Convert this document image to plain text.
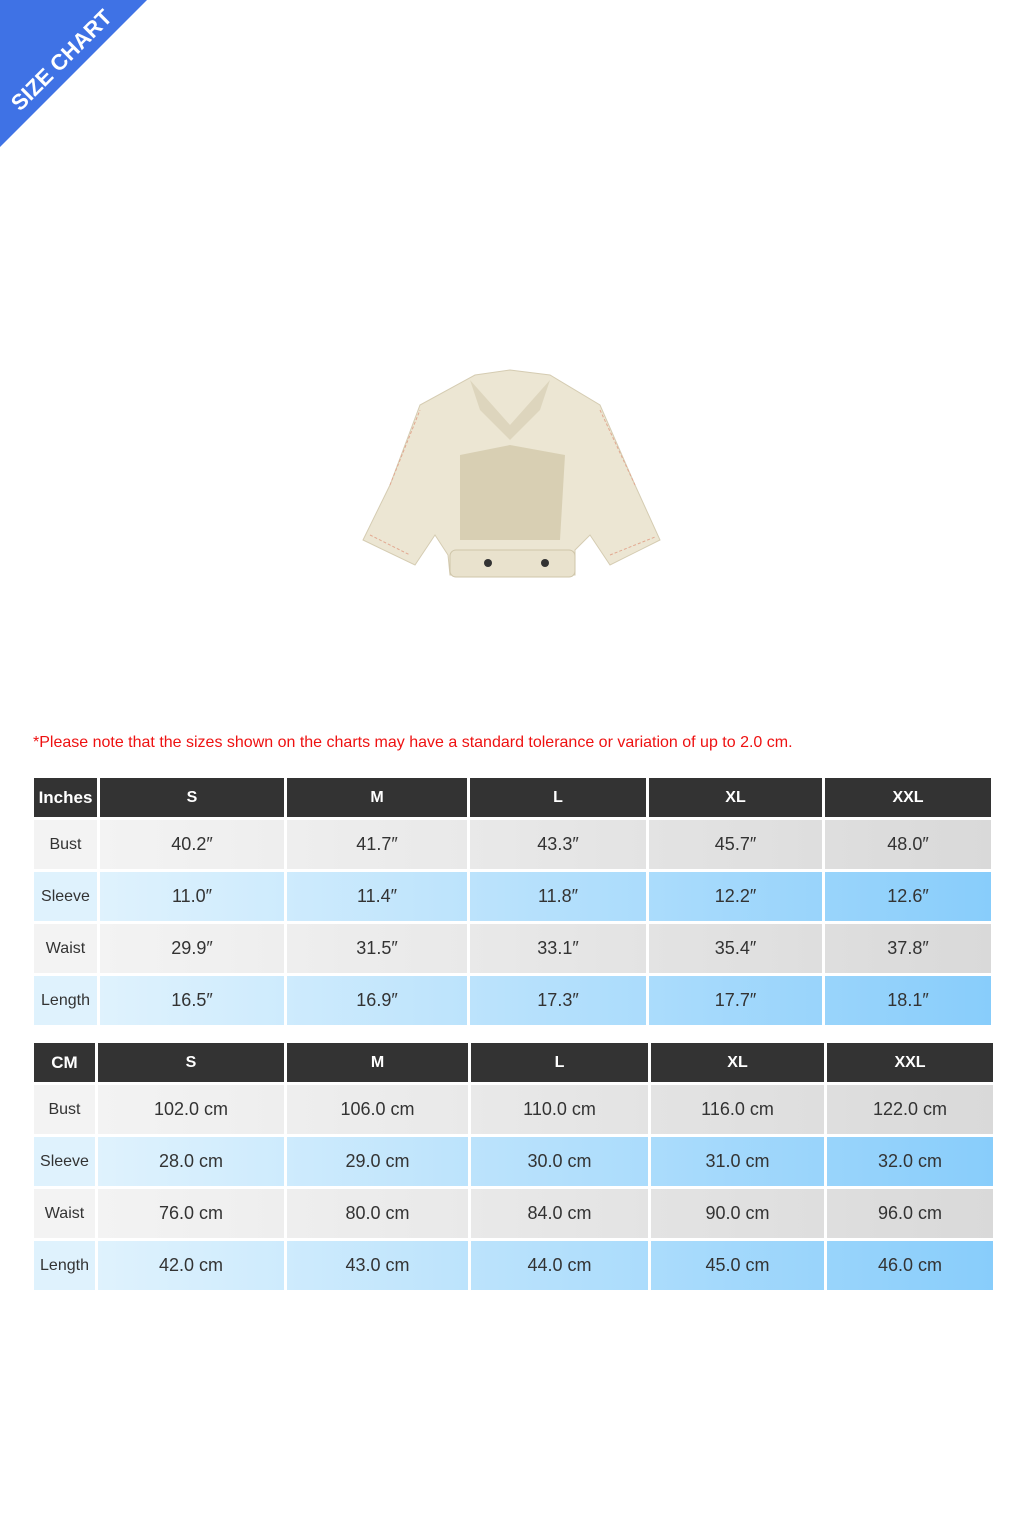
SIZE CHART
*Please note that the sizes shown on the charts may have a standard tolerance or variation of up to 2.0 cm.
Inches	S	M	L	XL	XXL
Bust	40.2″	41.7″	43.3″	45.7″	48.0″
Sleeve	11.0″	11.4″	11.8″	12.2″	12.6″
Waist	29.9″	31.5″	33.1″	35.4″	37.8″
Length	16.5″	16.9″	17.3″	17.7″	18.1″
CM	S	M	L	XL	XXL
Bust	102.0 cm	106.0 cm	110.0 cm	116.0 cm	122.0 cm
Sleeve	28.0 cm	29.0 cm	30.0 cm	31.0 cm	32.0 cm
Waist	76.0 cm	80.0 cm	84.0 cm	90.0 cm	96.0 cm
Length	42.0 cm	43.0 cm	44.0 cm	45.0 cm	46.0 cm
